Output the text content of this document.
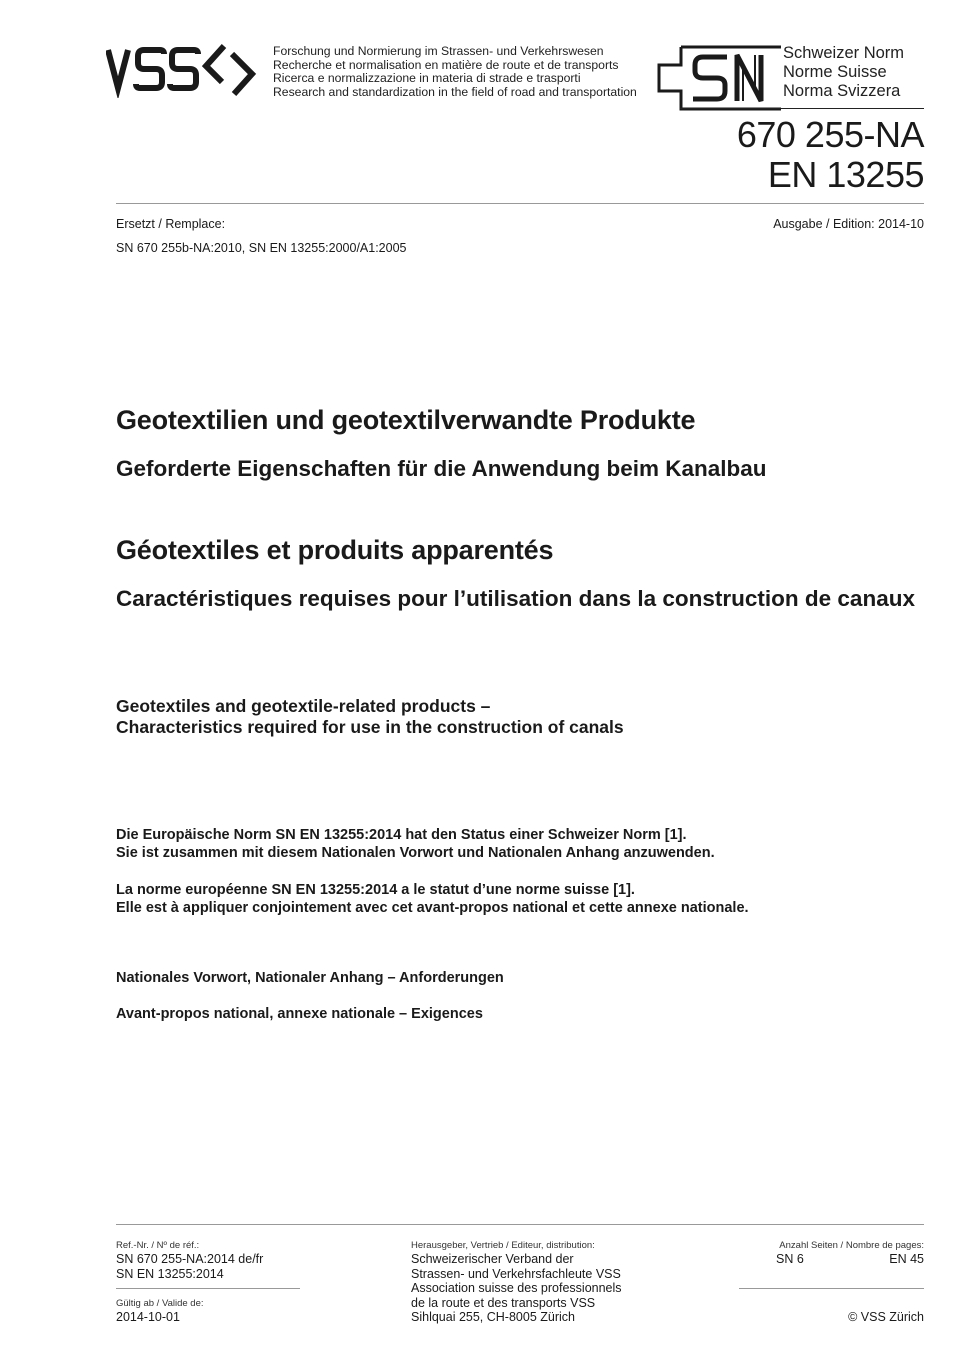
Forschung und Normierung im Strassen- und Verkehrswesen
Recherche et normalisation en matière de route et de transports
Ricerca e normalizzazione in materia di strade e trasporti
Research and standardization in the field of road and transportation
Schweizer Norm
Norme Suisse
Norma Svizzera
670 255-NA
EN 13255
Ersetzt / Remplace:	Ausgabe / Edition: 2014-10
SN 670 255b-NA:2010, SN EN 13255:2000/A1:2005
Geotextilien und geotextilverwandte Produkte
Geforderte Eigenschaften für die Anwendung beim Kanalbau
Géotextiles et produits apparentés
Caractéristiques requises pour l’utilisation dans la construction de canaux
Geotextiles and geotextile-related products –
Characteristics required for use in the construction of canals
Die Europäische Norm SN EN 13255:2014 hat den Status einer Schweizer Norm [1].
Sie ist zusammen mit diesem Nationalen Vorwort und Nationalen Anhang anzuwenden.
La norme européenne SN EN 13255:2014 a le statut d’une norme suisse [1].
Elle est à appliquer conjointement avec cet avant-propos national et cette annexe nationale.
Nationales Vorwort, Nationaler Anhang – Anforderungen
Avant-propos national, annexe nationale – Exigences
Ref.-Nr. / Nº de réf.:
SN 670 255-NA:2014 de/fr
SN EN 13255:2014
Gültig ab / Valide de:
2014-10-01
Herausgeber, Vertrieb / Editeur, distribution:
Schweizerischer Verband der
Strassen- und Verkehrsfachleute VSS
Association suisse des professionnels
de la route et des transports VSS
Sihlquai 255, CH-8005 Zürich
Anzahl Seiten / Nombre de pages:
SN 6	EN 45
© VSS Zürich
